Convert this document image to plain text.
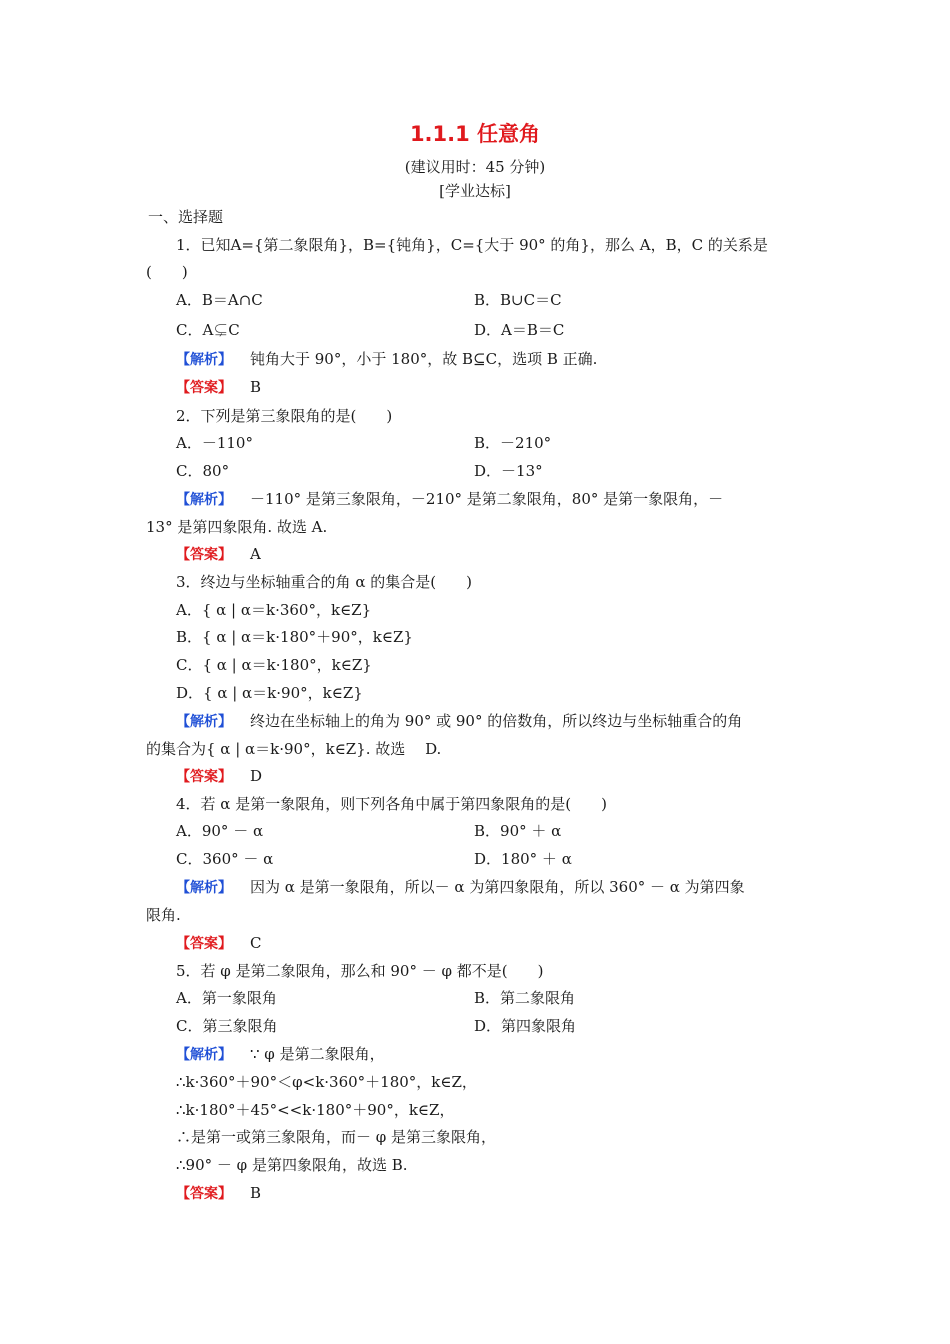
1.1.1 任意角
(建议用时：45 分钟)
[学业达标]
一、选择题
1．已知A={第二象限角}，B={钝角}，C={大于 90° 的角}，那么 A，B，C 的关系是
(　　)
A．B＝A∩C	B．B∪C＝C
C．A⊊C	D．A＝B＝C
【解析】 钝角大于 90°，小于 180°，故 B⊆C，选项 B 正确.
【答案】 B
2．下列是第三象限角的是(　　)
A．－110°	B．－210°
C．80°	D．－13°
【解析】 －110° 是第三象限角，－210° 是第二象限角，80° 是第一象限角，－
13° 是第四象限角. 故选 A.
【答案】 A
3．终边与坐标轴重合的角 α 的集合是(　　)
A．{ α | α＝k·360°，k∈Z}
B．{ α | α＝k·180°＋90°，k∈Z}
C．{ α | α＝k·180°，k∈Z}
D．{ α | α＝k·90°，k∈Z}
【解析】 终边在坐标轴上的角为 90° 或 90° 的倍数角，所以终边与坐标轴重合的角
的集合为{ α | α＝k·90°，k∈Z}. 故选　 D.
【答案】 D
4．若 α 是第一象限角，则下列各角中属于第四象限角的是(　　)
A．90° － α	B．90° ＋ α
C．360° － α	D．180° ＋ α
【解析】 因为 α 是第一象限角，所以－ α 为第四象限角，所以 360° － α 为第四象
限角.
【答案】 C
5．若 φ 是第二象限角，那么和 90° － φ 都不是(　　)
A．第一象限角	B．第二象限角
C．第三象限角	D．第四象限角
【解析】 ∵ φ 是第二象限角，
∴k·360°＋90°＜φ<k·360°＋180°，k∈Z，
∴k·180°＋45°<<k·180°＋90°，k∈Z，
∴是第一或第三象限角，而－ φ 是第三象限角，
∴90° － φ 是第四象限角，故选 B.
【答案】 B
